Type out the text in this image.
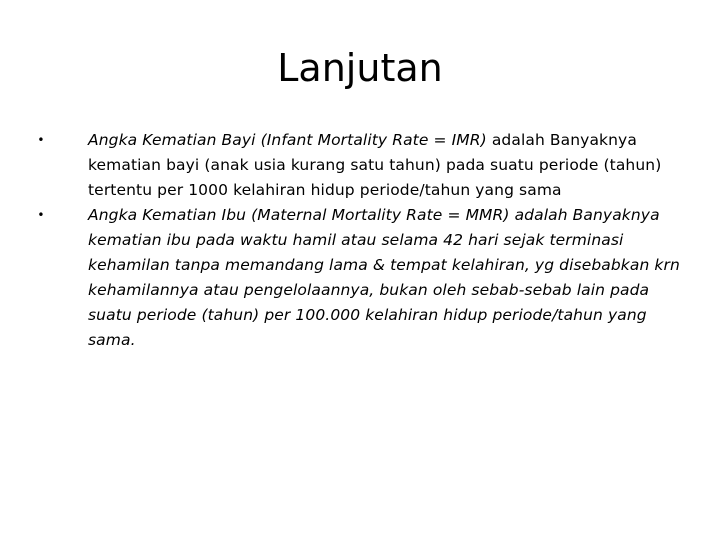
Lanjutan
•	Angka Kematian Bayi (Infant Mortality Rate = IMR) adalah Banyaknya kematian bayi (anak usia kurang satu tahun) pada suatu periode (tahun) tertentu per 1000 kelahiran hidup periode/tahun yang sama
•	Angka Kematian Ibu (Maternal Mortality Rate = MMR) adalah Banyaknya kematian ibu pada waktu hamil atau selama 42 hari sejak terminasi kehamilan tanpa memandang lama & tempat kelahiran, yg disebabkan krn kehamilannya atau pengelolaannya, bukan oleh sebab-sebab lain pada suatu periode (tahun) per 100.000 kelahiran hidup periode/tahun yang sama.
